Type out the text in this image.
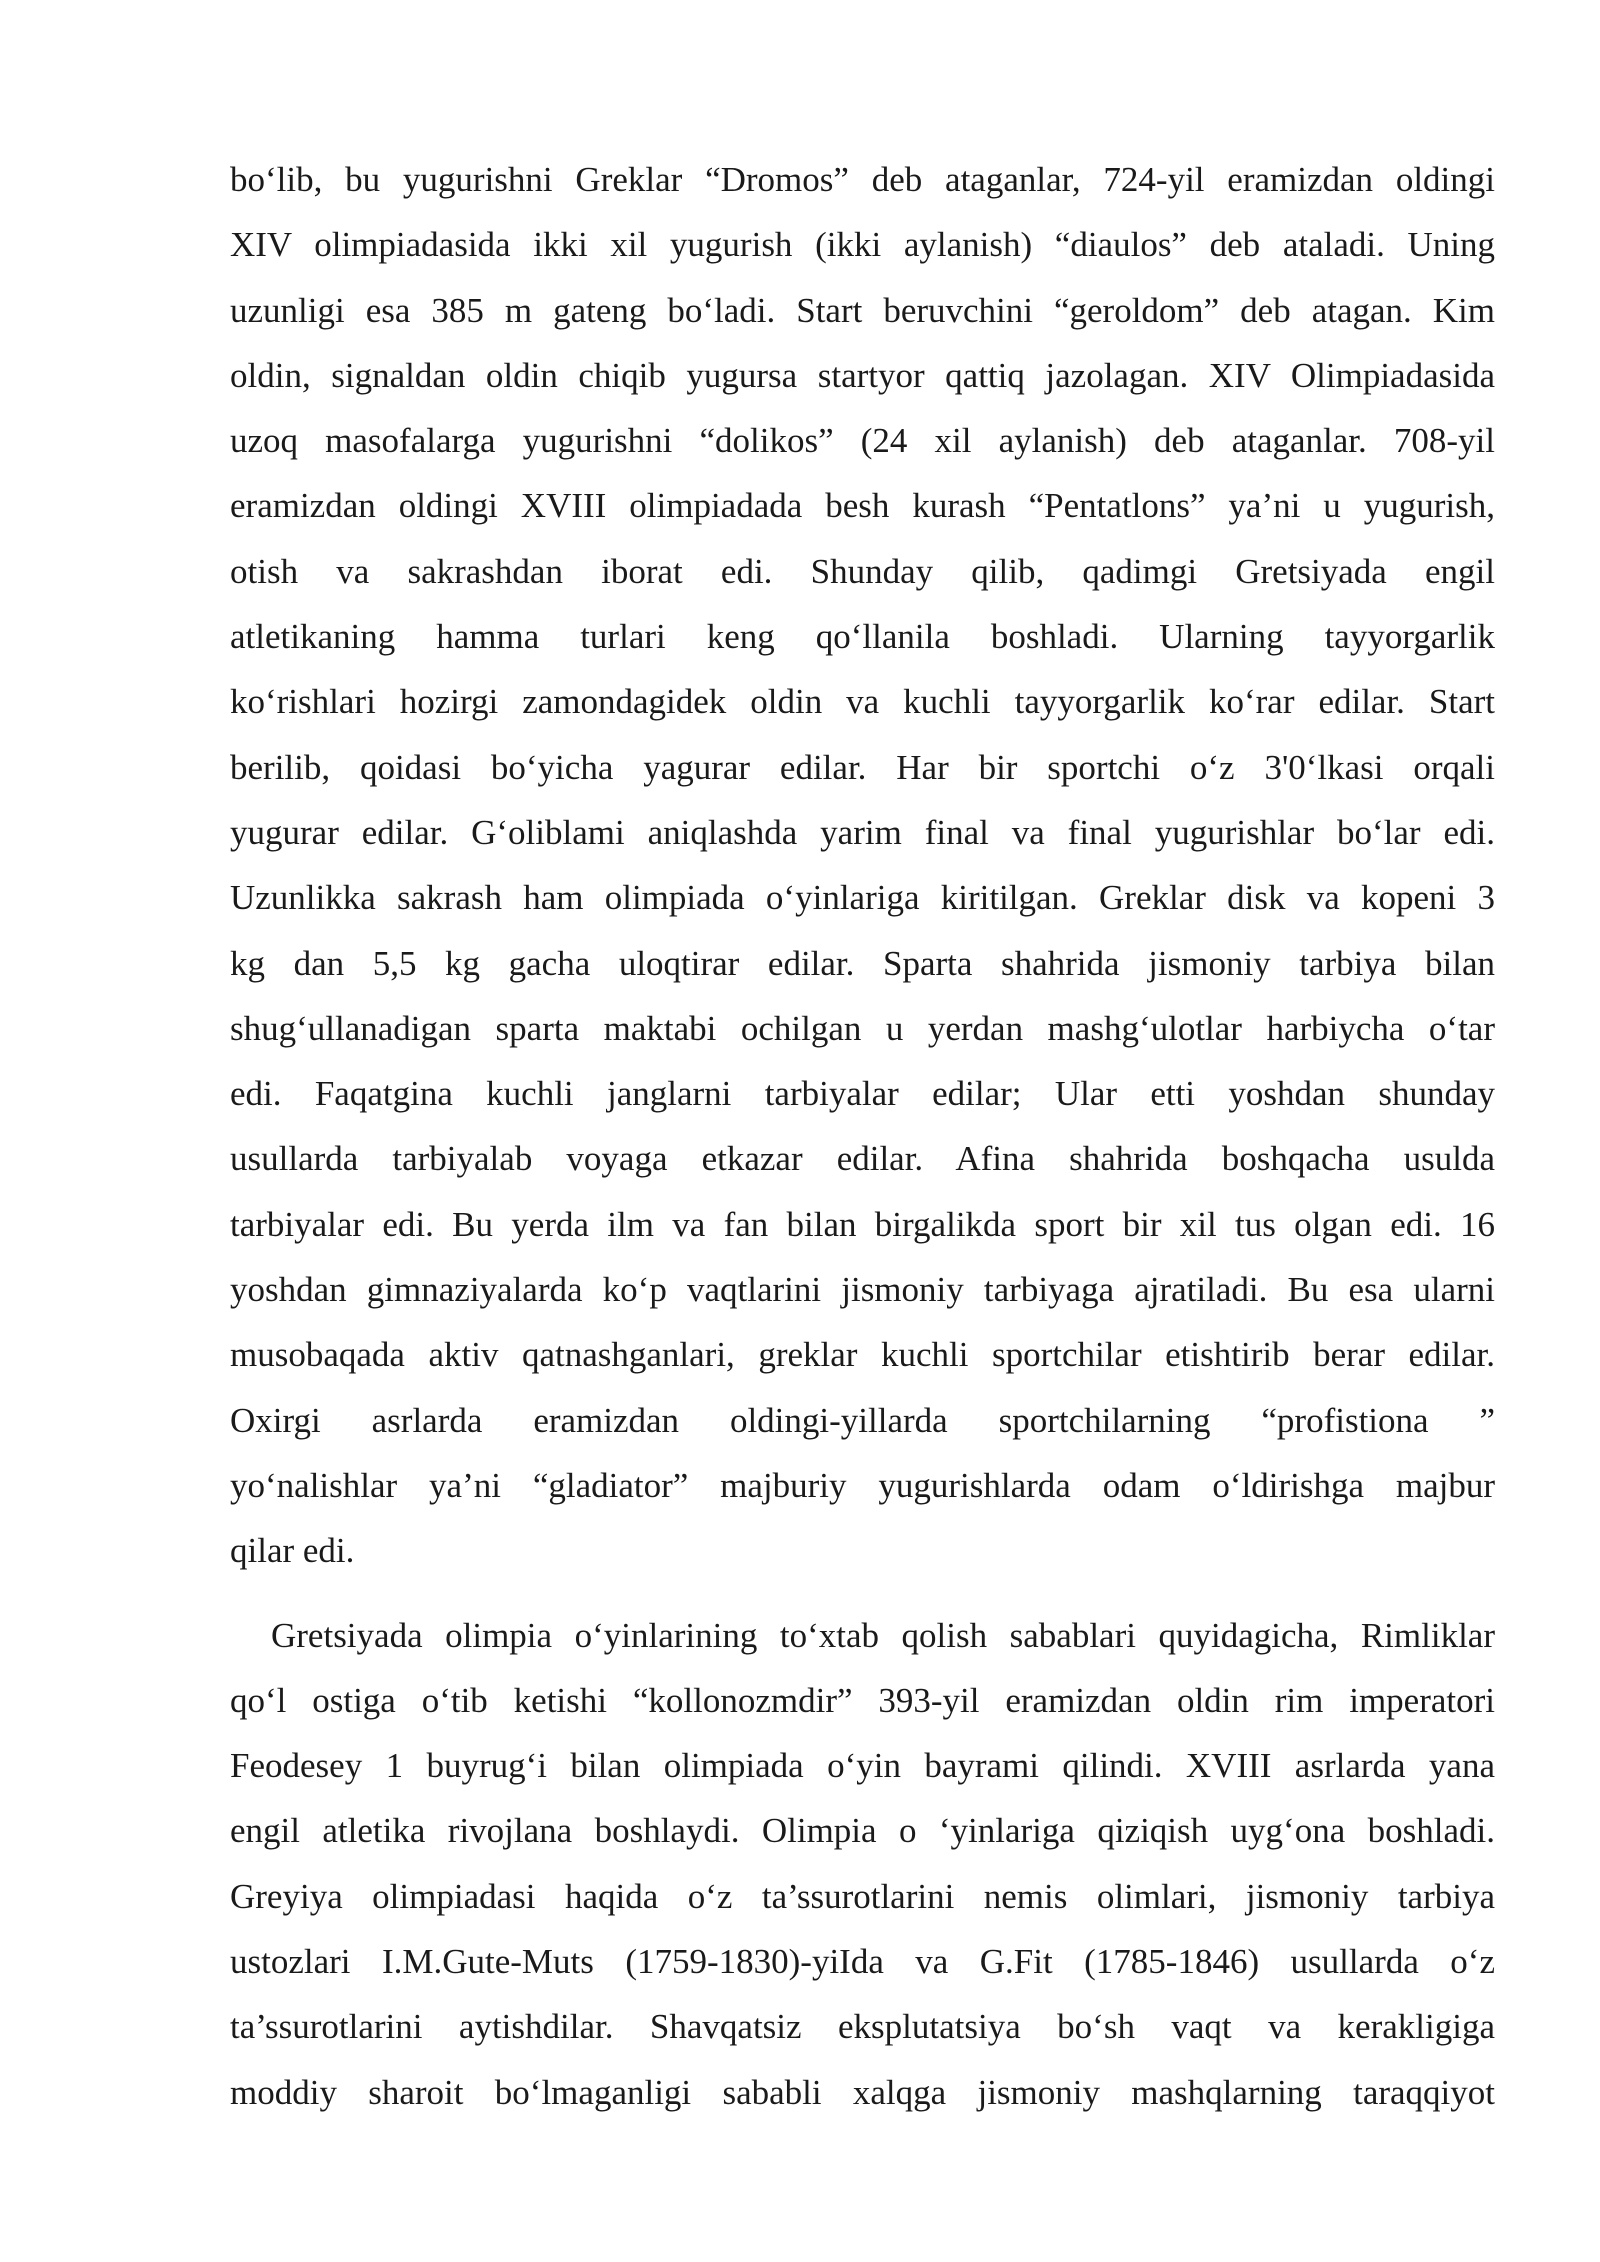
bo‘lib, bu yugurishni Greklar “Dromos” deb ataganlar, 724-yil eramizdan oldingi
XIV olimpiadasida ikki xil yugurish (ikki aylanish) “diaulos” deb ataladi. Uning
uzunligi esa 385 m gateng bo‘ladi. Start beruvchini “geroldom” deb atagan. Kim
oldin, signaldan oldin chiqib yugursa startyor qattiq jazolagan. XIV Olimpiadasida
uzoq masofalarga yugurishni “dolikos” (24 xil aylanish) deb ataganlar. 708-yil
eramizdan oldingi XVIII olimpiadada besh kurash “Pentatlons” ya’ni u yugurish,
otish va sakrashdan iborat edi. Shunday qilib, qadimgi Gretsiyada engil
atletikaning hamma turlari keng qo‘llanila boshladi. Ularning tayyorgarlik
ko‘rishlari hozirgi zamondagidek oldin va kuchli tayyorgarlik ko‘rar edilar. Start
berilib, qoidasi bo‘yicha yagurar edilar. Har bir sportchi o‘z 3'0‘lkasi orqali
yugurar edilar. G‘oliblami aniqlashda yarim final va final yugurishlar bo‘lar edi.
Uzunlikka sakrash ham olimpiada o‘yinlariga kiritilgan. Greklar disk va kopeni 3
kg dan 5,5 kg gacha uloqtirar edilar. Sparta shahrida jismoniy tarbiya bilan
shug‘ullanadigan sparta maktabi ochilgan u yerdan mashg‘ulotlar harbiycha o‘tar
edi. Faqatgina kuchli janglarni tarbiyalar edilar; Ular etti yoshdan shunday
usullarda tarbiyalab voyaga etkazar edilar. Afina shahrida boshqacha usulda
tarbiyalar edi. Bu yerda ilm va fan bilan birgalikda sport bir xil tus olgan edi. 16
yoshdan gimnaziyalarda ko‘p vaqtlarini jismoniy tarbiyaga ajratiladi. Bu esa ularni
musobaqada aktiv qatnashganlari, greklar kuchli sportchilar etishtirib berar edilar.
Oxirgi asrlarda eramizdan oldingi-yillarda sportchilarning “profistiona ”
yo‘nalishlar ya’ni “gladiator” majburiy yugurishlarda odam o‘ldirishga majbur
qilar edi.

Gretsiyada olimpia o‘yinlarining to‘xtab qolish sabablari quyidagicha, Rimliklar
qo‘l ostiga o‘tib ketishi “kollonozmdir” 393-yil eramizdan oldin rim imperatori
Feodesey 1 buyrug‘i bilan olimpiada o‘yin bayrami qilindi. XVIII asrlarda yana
engil atletika rivojlana boshlaydi. Olimpia o ‘yinlariga qiziqish uyg‘ona boshladi.
Greyiya olimpiadasi haqida o‘z ta’ssurotlarini nemis olimlari, jismoniy tarbiya
ustozlari I.M.Gute-Muts (1759-1830)-yiIda va G.Fit (1785-1846) usullarda o‘z
ta’ssurotlarini aytishdilar. Shavqatsiz eksplutatsiya bo‘sh vaqt va kerakligiga
moddiy sharoit bo‘lmaganligi sababli xalqga jismoniy mashqlarning taraqqiyot
